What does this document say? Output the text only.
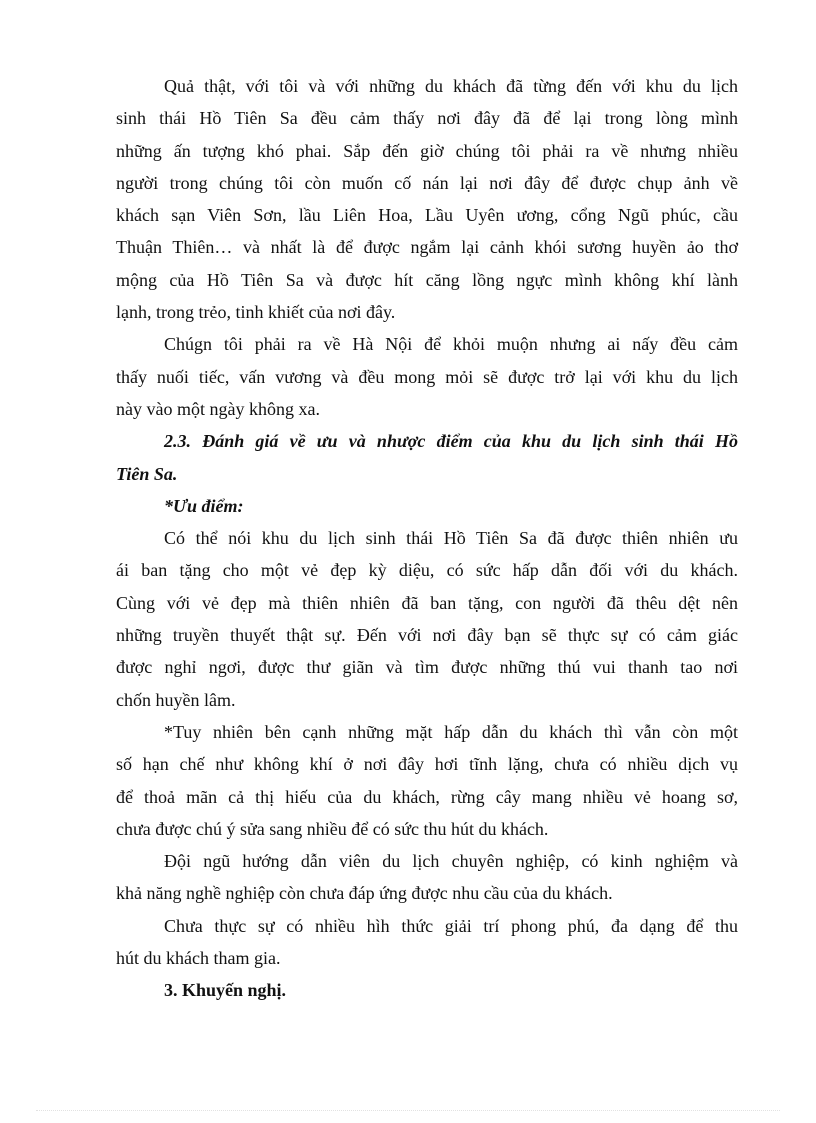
Quả thật, với tôi và với những du khách đã từng đến với khu du lịch
sinh thái Hồ Tiên Sa đều cảm thấy nơi đây đã để lại trong lòng mình
những ấn tượng khó phai. Sắp đến giờ chúng tôi phải ra về nhưng nhiều
người trong chúng tôi còn muốn cố nán lại nơi đây để được chụp ảnh về
khách sạn Viên Sơn, lầu Liên Hoa, Lầu Uyên ương, cổng Ngũ phúc, cầu
Thuận Thiên… và nhất là để được ngắm lại cảnh khói sương huyền ảo thơ
mộng của Hồ Tiên Sa và được hít căng lồng ngực mình không khí lành
lạnh, trong trẻo, tinh khiết của nơi đây.
Chúgn tôi phải ra về Hà Nội để khỏi muộn nhưng ai nấy đều cảm
thấy nuối tiếc, vấn vương và đều mong mỏi sẽ được trở lại với khu du lịch
này vào một ngày không xa.
2.3. Đánh giá về ưu và nhược điểm của khu du lịch sinh thái Hồ
Tiên Sa.
*Ưu điểm:
Có thể nói khu du lịch sinh thái Hồ Tiên Sa đã được thiên nhiên ưu
ái ban tặng cho một vẻ đẹp kỳ diệu, có sức hấp dẫn đối với du khách.
Cùng với vẻ đẹp mà thiên nhiên đã ban tặng, con người đã thêu dệt nên
những truyền thuyết thật sự. Đến với nơi đây bạn sẽ thực sự có cảm giác
được nghỉ ngơi, được thư giãn và tìm được những thú vui thanh tao nơi
chốn huyền lâm.
*Tuy nhiên bên cạnh những mặt hấp dẫn du khách thì vẫn còn một
số hạn chế như không khí ở nơi đây hơi tĩnh lặng, chưa có nhiều dịch vụ
để thoả mãn cả thị hiếu của du khách, rừng cây mang nhiều vẻ hoang sơ,
chưa được chú ý sửa sang nhiều để có sức thu hút du khách.
Đội ngũ hướng dẫn viên du lịch chuyên nghiệp, có kinh nghiệm và
khả năng nghề nghiệp còn chưa đáp ứng được nhu cầu của du khách.
Chưa thực sự có nhiều hìh thức giải trí phong phú, đa dạng để thu
hút du khách tham gia.
3. Khuyến nghị.
